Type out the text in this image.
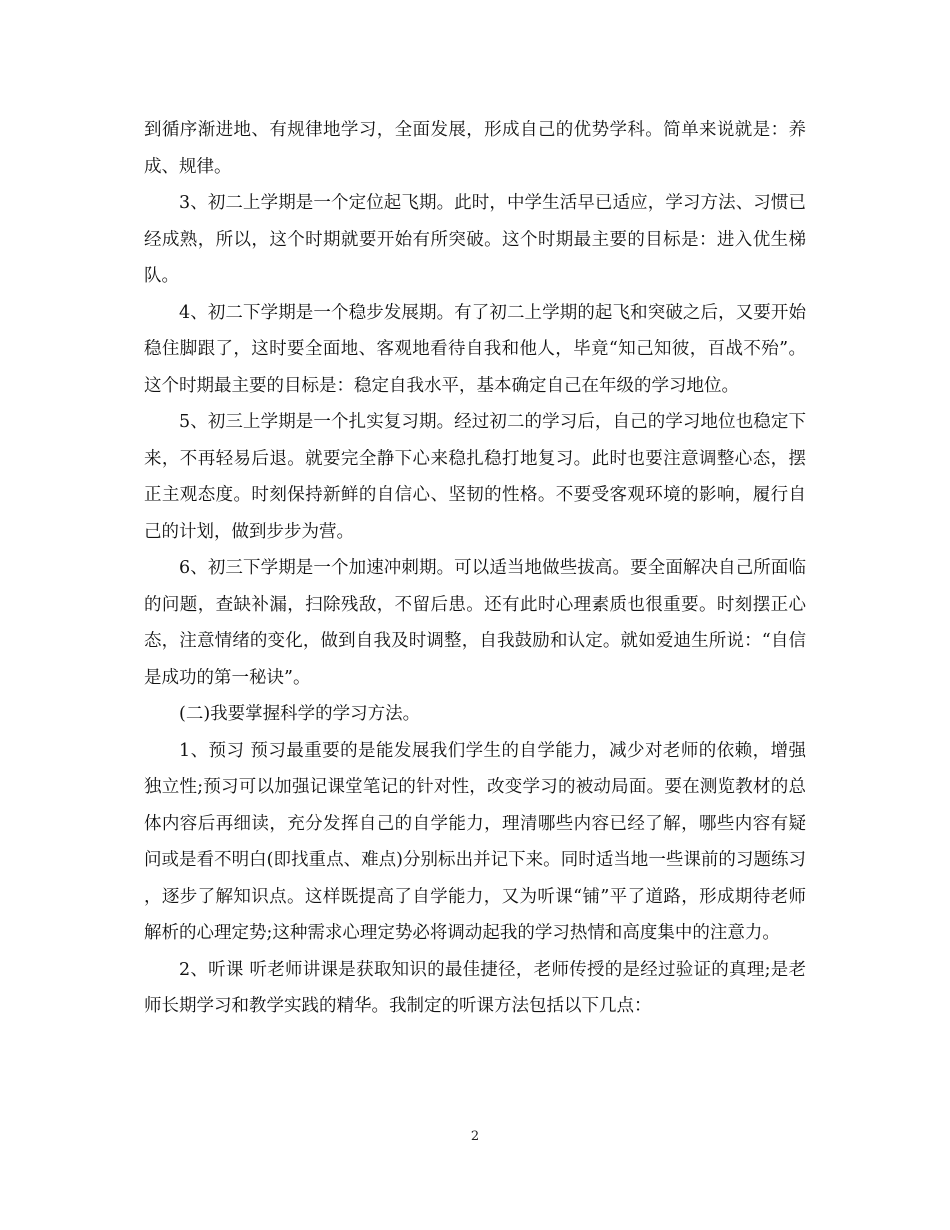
到循序渐进地、有规律地学习，全面发展，形成自己的优势学科。简单来说就是：养成、规律。

3、初二上学期是一个定位起飞期。此时，中学生活早已适应，学习方法、习惯已经成熟，所以，这个时期就要开始有所突破。这个时期最主要的目标是：进入优生梯队。

4、初二下学期是一个稳步发展期。有了初二上学期的起飞和突破之后，又要开始稳住脚跟了，这时要全面地、客观地看待自我和他人，毕竟“知己知彼，百战不殆”。这个时期最主要的目标是：稳定自我水平，基本确定自己在年级的学习地位。

5、初三上学期是一个扎实复习期。经过初二的学习后，自己的学习地位也稳定下来，不再轻易后退。就要完全静下心来稳扎稳打地复习。此时也要注意调整心态，摆正主观态度。时刻保持新鲜的自信心、坚韧的性格。不要受客观环境的影响，履行自己的计划，做到步步为营。

6、初三下学期是一个加速冲刺期。可以适当地做些拔高。要全面解决自己所面临的问题，查缺补漏，扫除残敌，不留后患。还有此时心理素质也很重要。时刻摆正心态，注意情绪的变化，做到自我及时调整，自我鼓励和认定。就如爱迪生所说：“自信是成功的第一秘诀”。

(二)我要掌握科学的学习方法。

1、预习 预习最重要的是能发展我们学生的自学能力，减少对老师的依赖，增强独立性;预习可以加强记课堂笔记的针对性，改变学习的被动局面。要在测览教材的总体内容后再细读，充分发挥自己的自学能力，理清哪些内容已经了解，哪些内容有疑问或是看不明白(即找重点、难点)分别标出并记下来。同时适当地一些课前的习题练习，逐步了解知识点。这样既提高了自学能力，又为听课“铺”平了道路，形成期待老师解析的心理定势;这种需求心理定势必将调动起我的学习热情和高度集中的注意力。

2、听课 听老师讲课是获取知识的最佳捷径，老师传授的是经过验证的真理;是老师长期学习和教学实践的精华。我制定的听课方法包括以下几点：

2
